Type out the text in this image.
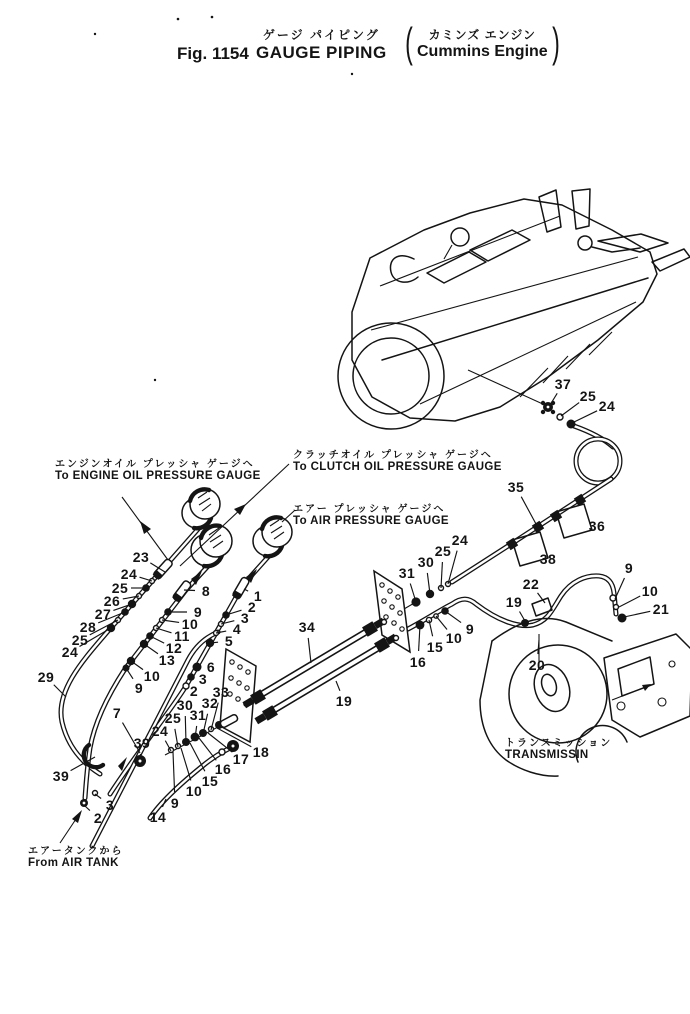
Fig. 1154
ゲージ パイピング
GAUGE PIPING (	カミンズ エンジン
Cummins Engine )
エンジンオイル プレッシャ ゲージへ
To ENGINE OIL PRESSURE GAUGE
クラッチオイル プレッシャ ゲージへ
To CLUTCH OIL PRESSURE GAUGE
エアー プレッシャ ゲージへ
To AIR PRESSURE GAUGE
エアータンクから
From AIR TANK
トランスミッション
TRANSMISSIN
23
24
25
26
27
28
25
24
29
8
9
10
11
12
13
10
9
1
2
3
4
5
6
3
2
7
39
39
3
2	14
24
25
30
31
32
33
9
10
15
16
17 18
34
19
24
25
30
31
9
10
15
16
37
25
24
35
36
38
22
19
9
10
21
20
